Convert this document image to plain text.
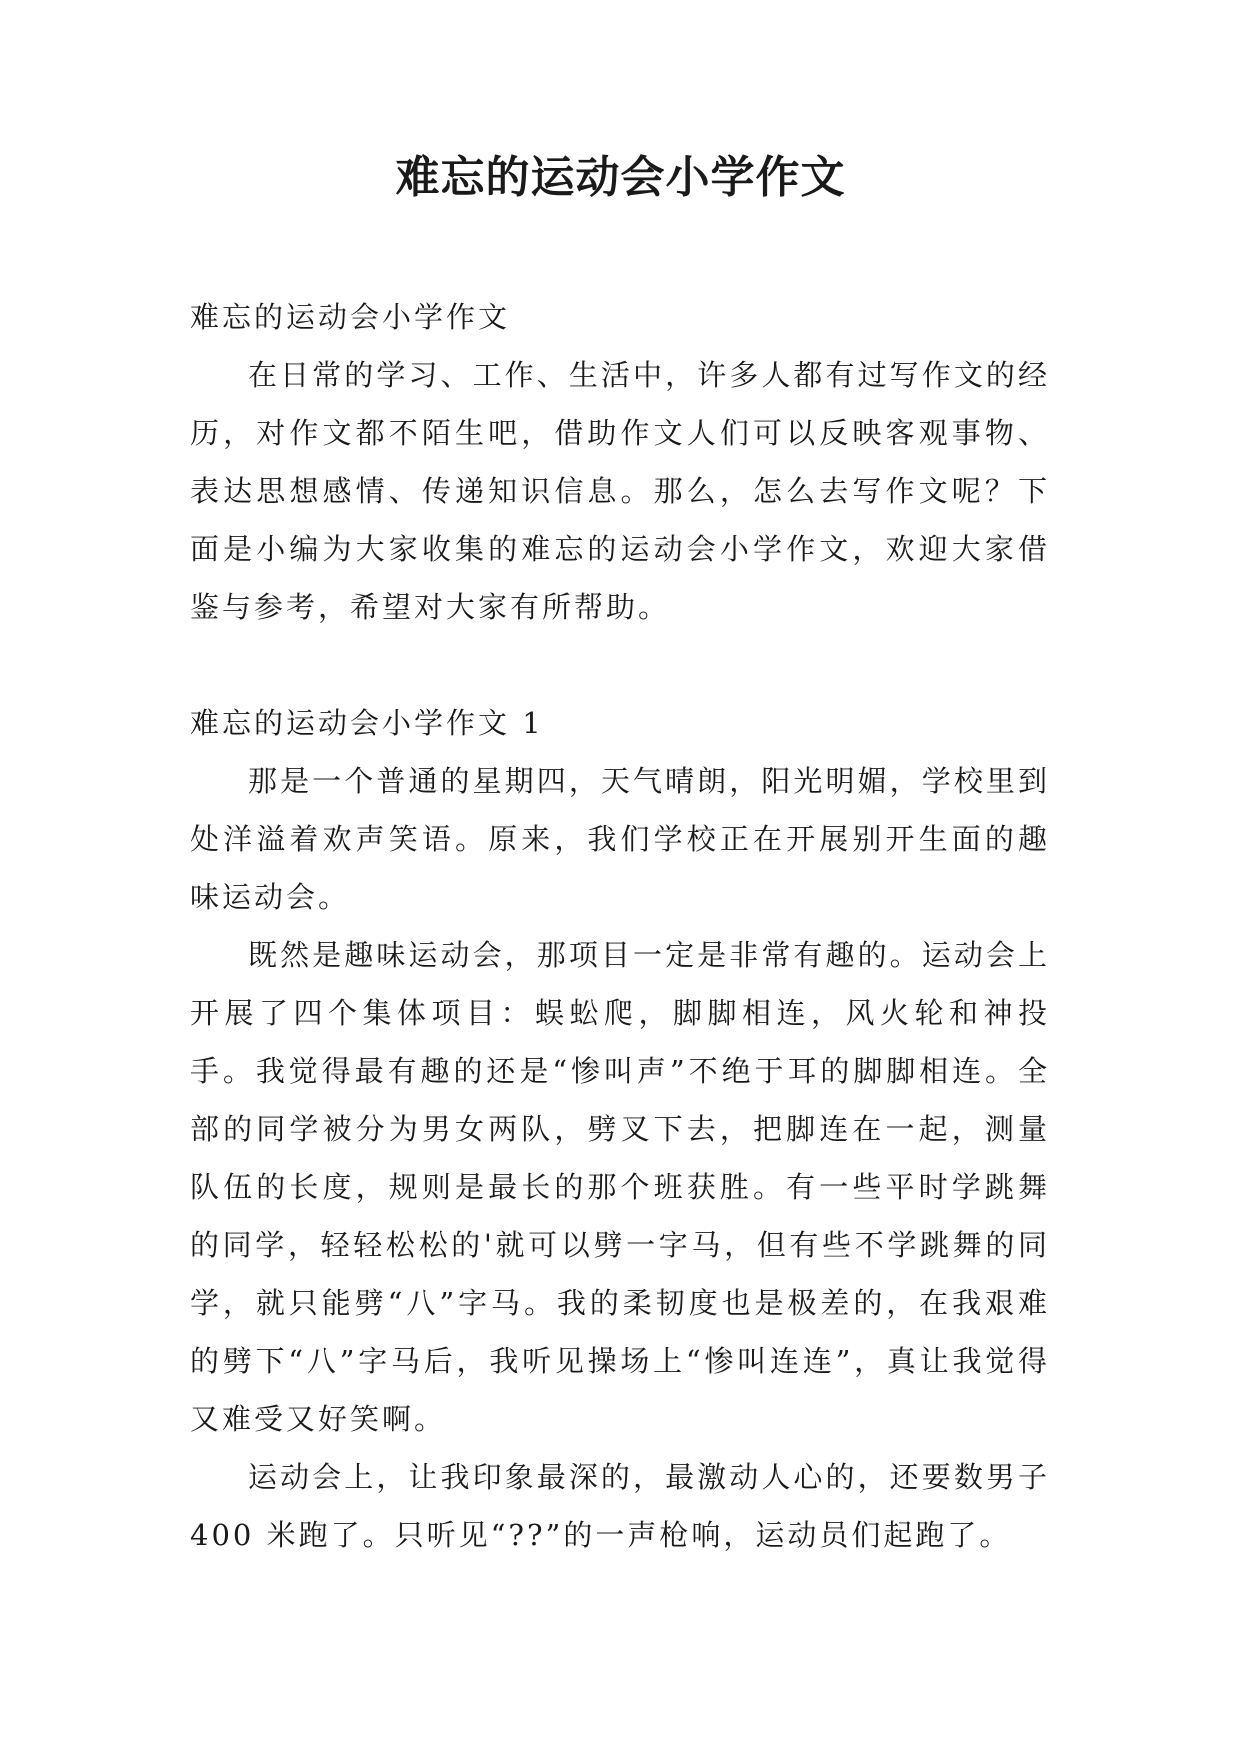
难忘的运动会小学作文

难忘的运动会小学作文

在日常的学习、工作、生活中，许多人都有过写作文的经历，对作文都不陌生吧，借助作文人们可以反映客观事物、表达思想感情、传递知识信息。那么，怎么去写作文呢？下面是小编为大家收集的难忘的运动会小学作文，欢迎大家借鉴与参考，希望对大家有所帮助。

难忘的运动会小学作文 1

那是一个普通的星期四，天气晴朗，阳光明媚，学校里到处洋溢着欢声笑语。原来，我们学校正在开展别开生面的趣味运动会。

既然是趣味运动会，那项目一定是非常有趣的。运动会上开展了四个集体项目：蜈蚣爬，脚脚相连，风火轮和神投手。我觉得最有趣的还是“惨叫声”不绝于耳的脚脚相连。全部的同学被分为男女两队，劈叉下去，把脚连在一起，测量队伍的长度，规则是最长的那个班获胜。有一些平时学跳舞的同学，轻轻松松的'就可以劈一字马，但有些不学跳舞的同学，就只能劈“八”字马。我的柔韧度也是极差的，在我艰难的劈下“八”字马后，我听见操场上“惨叫连连”，真让我觉得又难受又好笑啊。

运动会上，让我印象最深的，最激动人心的，还要数男子 400 米跑了。只听见“??”的一声枪响，运动员们起跑了。
